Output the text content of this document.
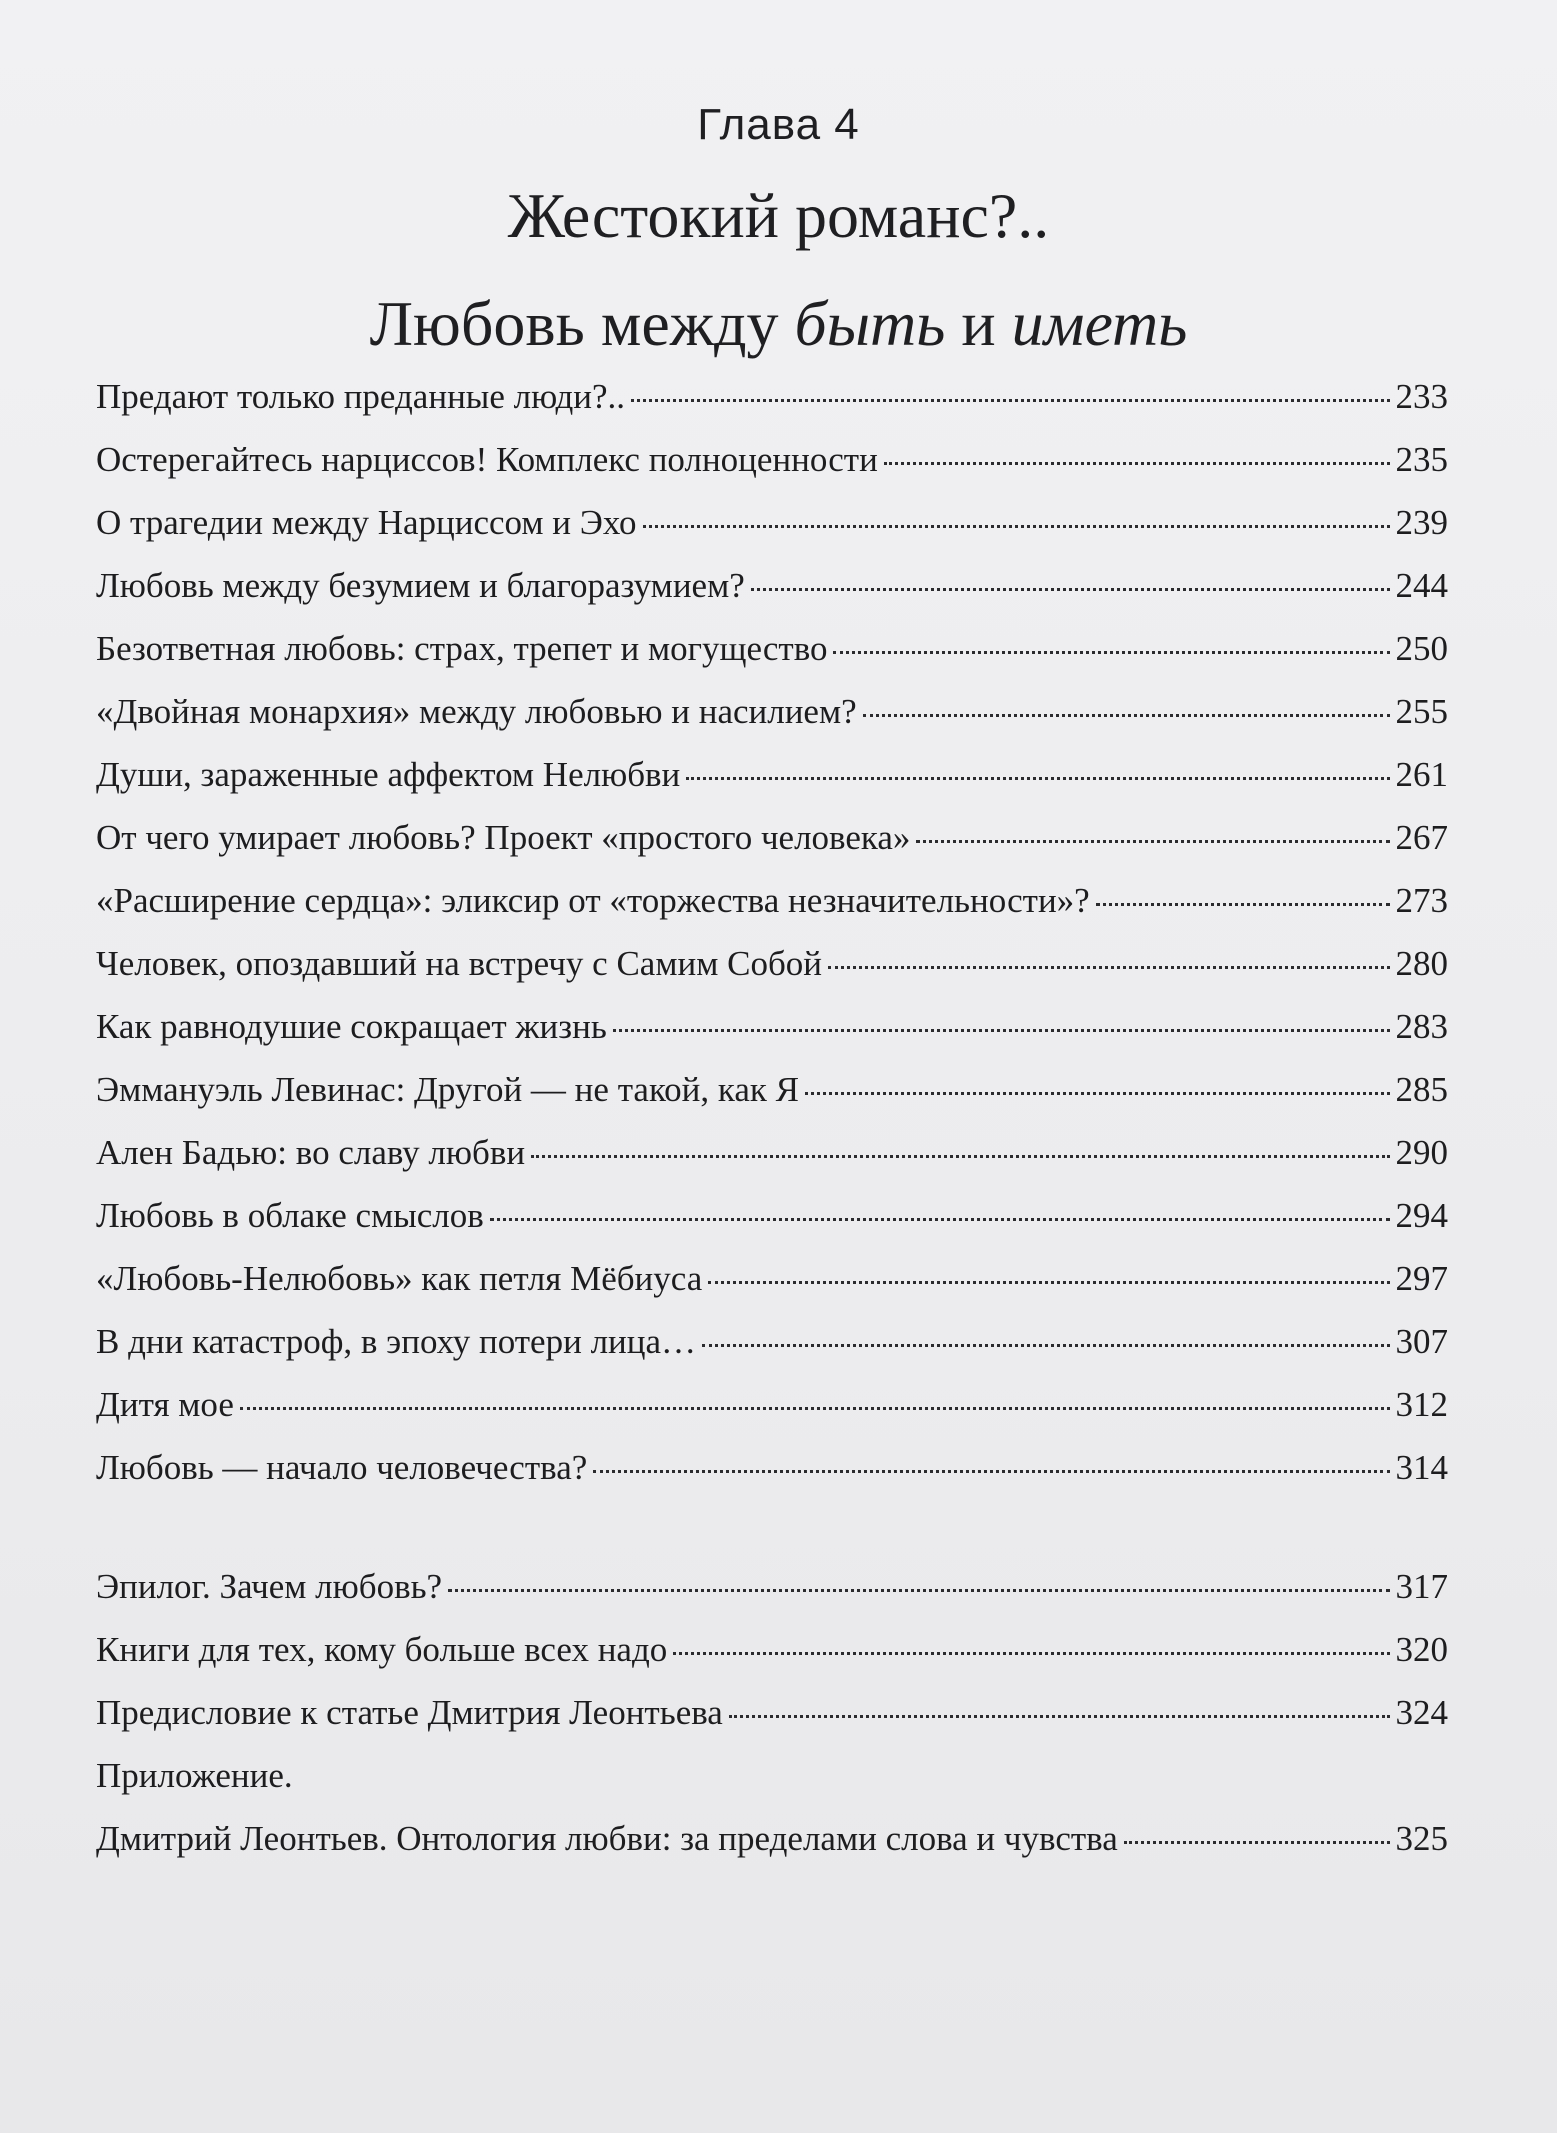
Глава 4
Жестокий романс?..
Любовь между быть и иметь
Предают только преданные люди?..	233
Остерегайтесь нарциссов! Комплекс полноценности	235
О трагедии между Нарциссом и Эхо	239
Любовь между безумием и благоразумием?	244
Безответная любовь: страх, трепет и могущество	250
«Двойная монархия» между любовью и насилием?	255
Души, зараженные аффектом Нелюбви	261
От чего умирает любовь? Проект «простого человека»	267
«Расширение сердца»: эликсир от «торжества незначительности»?	273
Человек, опоздавший на встречу с Самим Собой	280
Как равнодушие сокращает жизнь	283
Эммануэль Левинас: Другой — не такой, как Я	285
Ален Бадью: во славу любви	290
Любовь в облаке смыслов	294
«Любовь-Нелюбовь» как петля Мёбиуса	297
В дни катастроф, в эпоху потери лица…	307
Дитя мое	312
Любовь — начало человечества?	314
Эпилог. Зачем любовь?	317
Книги для тех, кому больше всех надо	320
Предисловие к статье Дмитрия Леонтьева	324
Приложение.
Дмитрий Леонтьев. Онтология любви: за пределами слова и чувства	325
